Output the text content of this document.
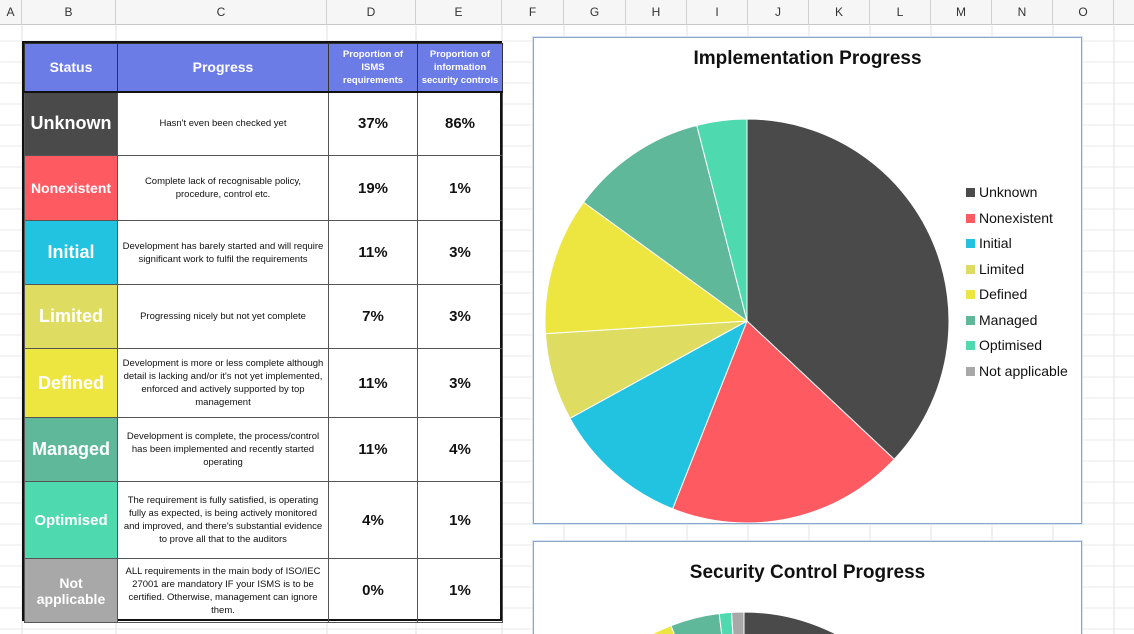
A	B	C	D	E	F	G	H	I	J	K	L	M	N	O
Status	Progress	Proportion of ISMS requirements	Proportion of information security controls
Unknown	Hasn't even been checked yet	37%	86%
Nonexistent	Complete lack of recognisable policy, procedure, control etc.	19%	1%
Initial	Development has barely started and will require significant work to fulfil the requirements	11%	3%
Limited	Progressing nicely but not yet complete	7%	3%
Defined	Development is more or less complete although detail is lacking and/or it's not yet implemented, enforced and actively supported by top management	11%	3%
Managed	Development is complete, the process/control has been implemented and recently started operating	11%	4%
Optimised	The requirement is fully satisfied, is operating fully as expected, is being actively monitored and improved, and there's substantial evidence to prove all that to the auditors	4%	1%
Not applicable	ALL requirements in the main body of ISO/IEC 27001 are mandatory IF your ISMS is to be certified. Otherwise, management can ignore them.	0%	1%
Implementation Progress
Unknown
Nonexistent
Initial
Limited
Defined
Managed
Optimised
Not applicable
Security Control Progress
